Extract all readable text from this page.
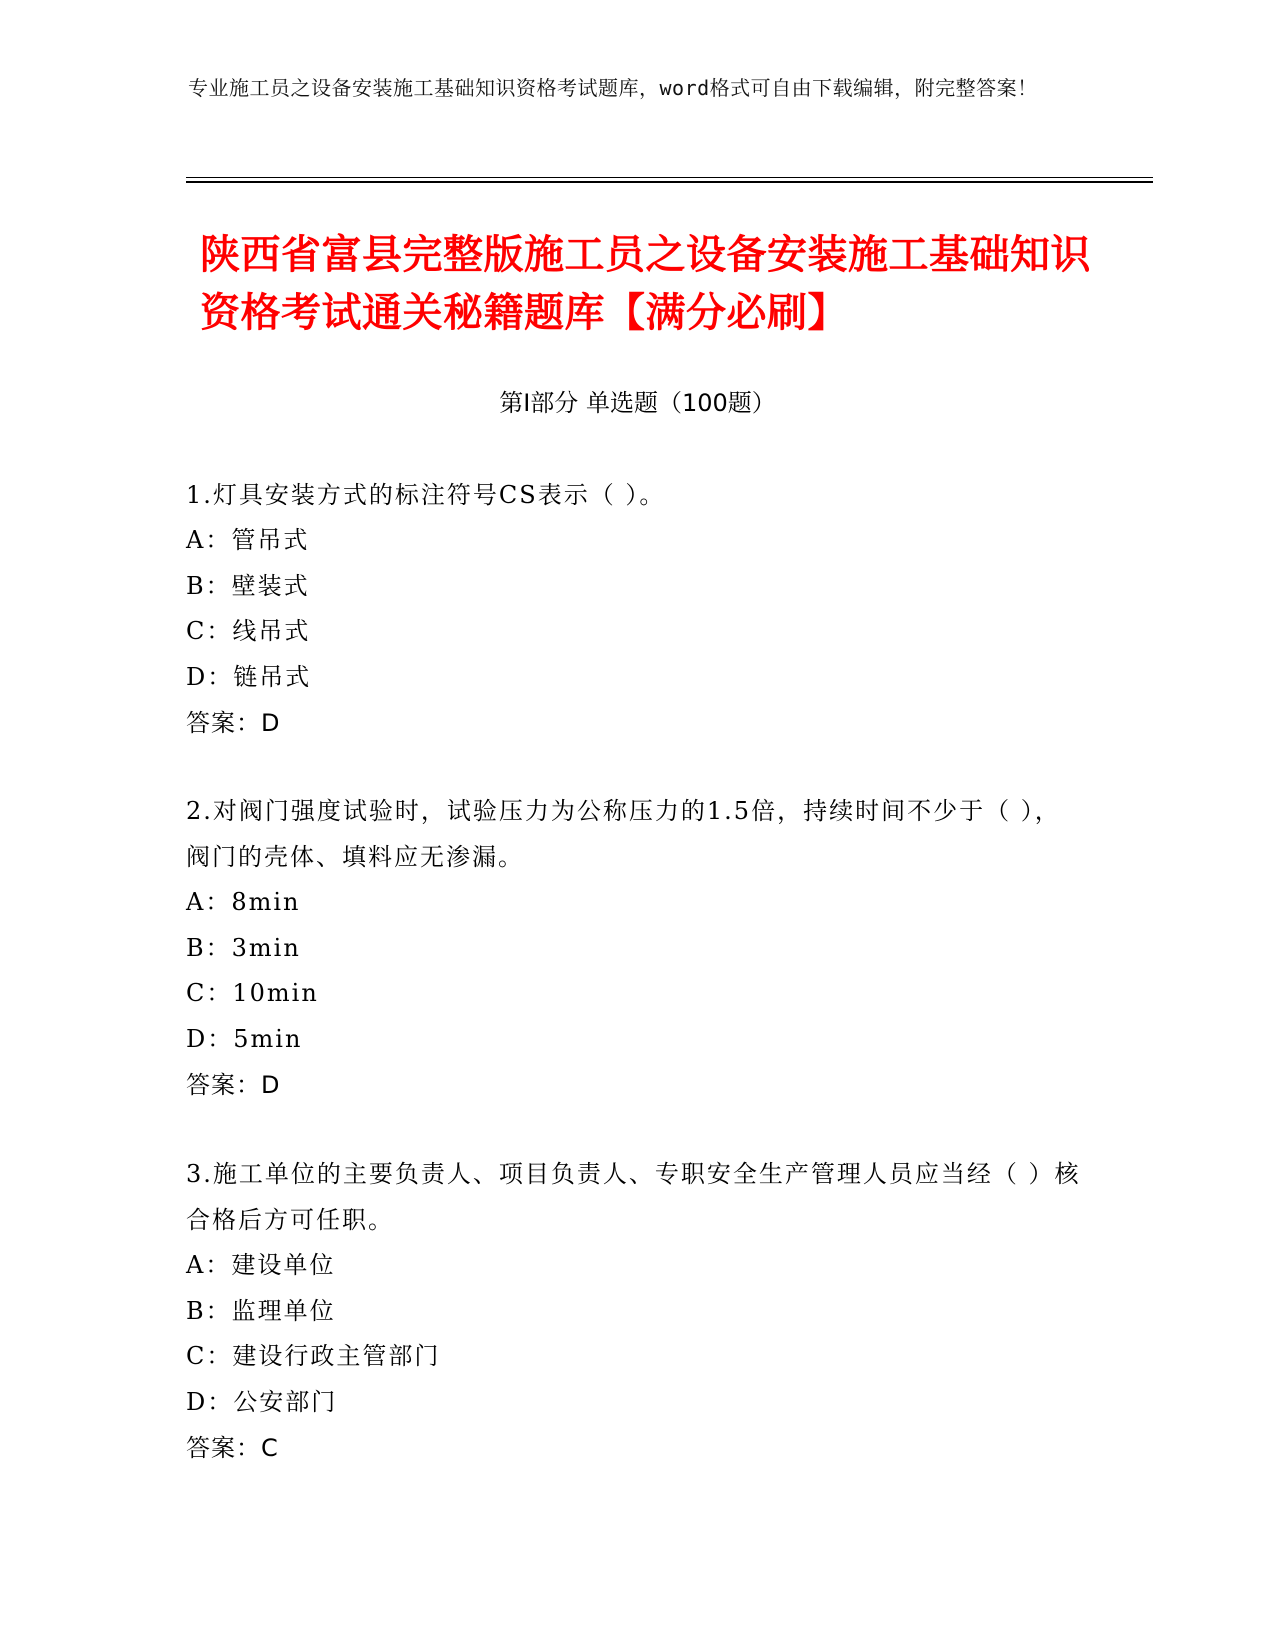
专业施工员之设备安装施工基础知识资格考试题库，word格式可自由下载编辑，附完整答案！
陕西省富县完整版施工员之设备安装施工基础知识资格考试通关秘籍题库【满分必刷】
第Ⅰ部分 单选题（100题）

1.灯具安装方式的标注符号CS表示（ ）。

A：管吊式

B：壁装式

C：线吊式

D：链吊式

答案：D

2.对阀门强度试验时，试验压力为公称压力的1.5倍，持续时间不少于（ ），阀门的壳体、填料应无渗漏。

A：8min

B：3min

C：10min

D：5min

答案：D

3.施工单位的主要负责人、项目负责人、专职安全生产管理人员应当经（ ）核合格后方可任职。

A：建设单位

B：监理单位

C：建设行政主管部门

D：公安部门

答案：C
